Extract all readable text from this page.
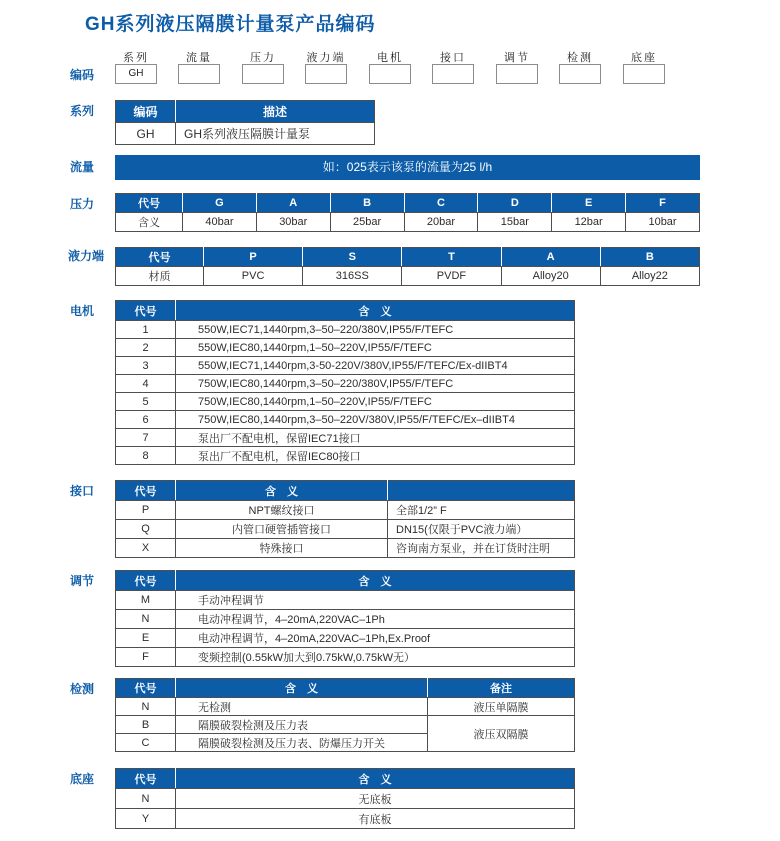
GH系列液压隔膜计量泵产品编码
编码
系列	流量	压力	液力端	电机	接口	调节	检测	底座
GH
系列	编码	描述
GH	GH系列液压隔膜计量泵
流量	如：025表示该泵的流量为25 l/h
压力	代号	G	A	B	C	D	E	F
含义	40bar	30bar	25bar	20bar	15bar	12bar	10bar
液力端	代号	P	S	T	A	B
材质	PVC	316SS	PVDF	Alloy20	Alloy22
电机	代号	含　义
1	550W,IEC71,1440rpm,3–50–220/380V,IP55/F/TEFC
2	550W,IEC80,1440rpm,1–50–220V,IP55/F/TEFC
3	550W,IEC71,1440rpm,3-50-220V/380V,IP55/F/TEFC/Ex-dIIBT4
4	750W,IEC80,1440rpm,3–50–220/380V,IP55/F/TEFC
5	750W,IEC80,1440rpm,1–50–220V,IP55/F/TEFC
6	750W,IEC80,1440rpm,3–50–220V/380V,IP55/F/TEFC/Ex–dIIBT4
7	泵出厂不配电机，保留IEC71接口
8	泵出厂不配电机，保留IEC80接口
接口	代号	含　义	
P	NPT螺纹接口	全部1/2” F
Q	内管口硬管插管接口	DN15(仅限于PVC液力端）
X	特殊接口	咨询南方泵业，并在订货时注明
调节	代号	含　义
M	手动冲程调节
N	电动冲程调节，4–20mA,220VAC–1Ph
E	电动冲程调节，4–20mA,220VAC–1Ph,Ex.Proof
F	变频控制(0.55kW加大到0.75kW,0.75kW无）
检测	代号	含　义	备注
N	无检测	液压单隔膜
B	隔膜破裂检测及压力表	液压双隔膜
C	隔膜破裂检测及压力表、防爆压力开关	
底座	代号	含　义
N	无底板
Y	有底板
